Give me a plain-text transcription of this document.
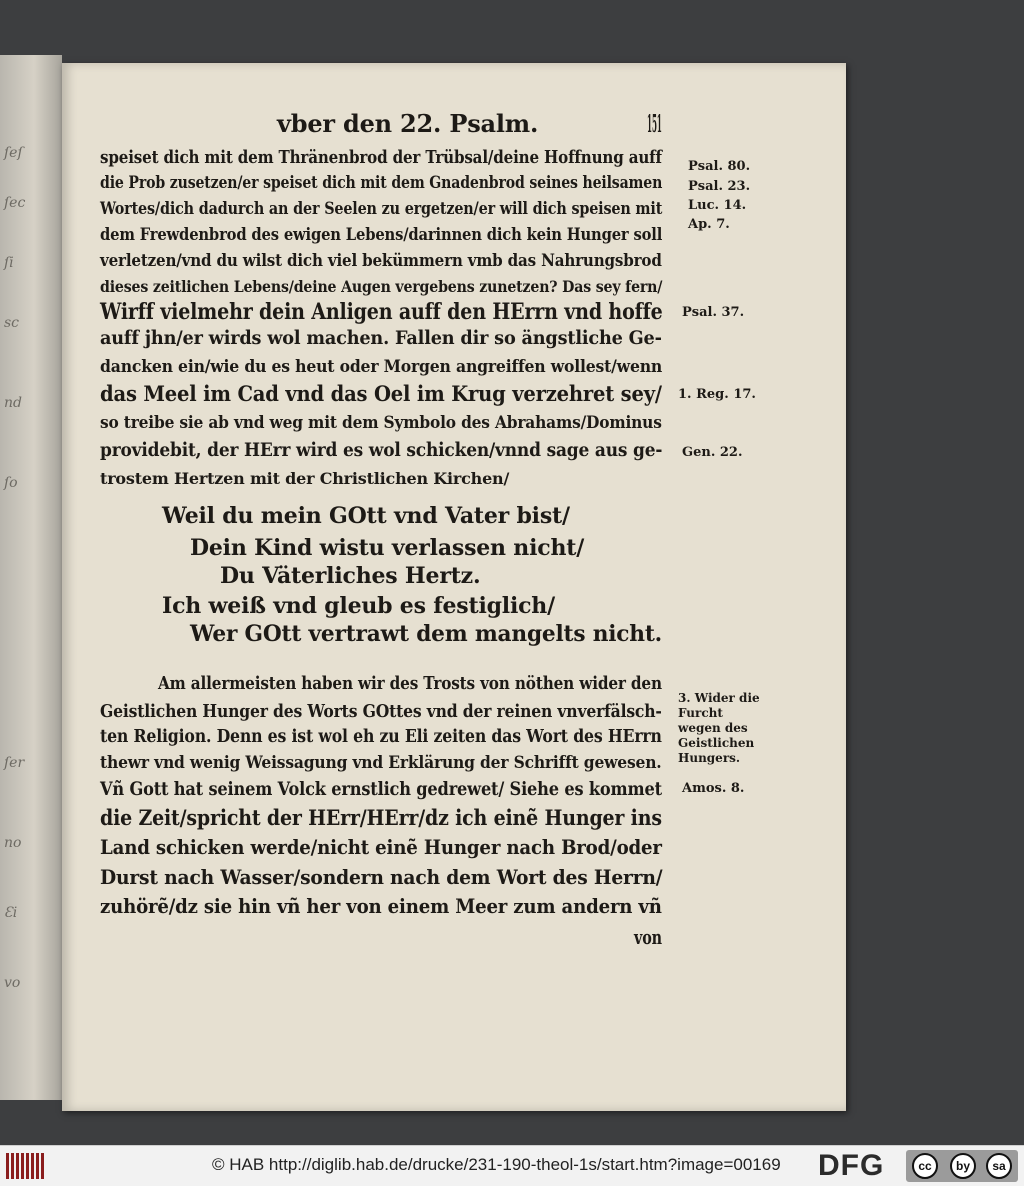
ſeſ
ſec
ſi
sc
nd
ſo
ſer
no
Ɛi
vo
vber den 22. Psalm.	151
speiset dich mit dem Thränenbrod der Trübsal/deine Hoffnung auff
die Prob zusetzen/er speiset dich mit dem Gnadenbrod seines heilsamen
Wortes/dich dadurch an der Seelen zu ergetzen/er will dich speisen mit
dem Frewdenbrod des ewigen Lebens/darinnen dich kein Hunger soll
verletzen/vnd du wilst dich viel bekümmern vmb das Nahrungsbrod
dieses zeitlichen Lebens/deine Augen vergebens zunetzen? Das sey fern/
Wirff vielmehr dein Anligen auff den HErrn vnd hoffe
auff jhn/er wirds wol machen. Fallen dir so ängstliche Ge-
dancken ein/wie du es heut oder Morgen angreiffen wollest/wenn
das Meel im Cad vnd das Oel im Krug verzehret sey/
so treibe sie ab vnd weg mit dem Symbolo des Abrahams/Dominus
providebit, der HErr wird es wol schicken/vnnd sage aus ge-
trostem Hertzen mit der Christlichen Kirchen/
Weil du mein GOtt vnd Vater bist/
Dein Kind wistu verlassen nicht/
Du Väterliches Hertz.
Ich weiß vnd gleub es festiglich/
Wer GOtt vertrawt dem mangelts nicht.
Am allermeisten haben wir des Trosts von nöthen wider den
Geistlichen Hunger des Worts GOttes vnd der reinen vnverfälsch-
ten Religion. Denn es ist wol eh zu Eli zeiten das Wort des HErrn
thewr vnd wenig Weissagung vnd Erklärung der Schrifft gewesen.
Vñ Gott hat seinem Volck ernstlich gedrewet/ Siehe es kommet
die Zeit/spricht der HErr/HErr/dz ich einẽ Hunger ins
Land schicken werde/nicht einẽ Hunger nach Brod/oder
Durst nach Wasser/sondern nach dem Wort des Herrn/
zuhörẽ/dz sie hin vñ her von einem Meer zum andern vñ
von
Psal. 80.
Psal. 23.
Luc. 14.
Ap. 7.
Psal. 37.
1. Reg. 17.
Gen. 22.
3. Wider die Furcht wegen des Geistlichen Hungers.
Amos. 8.
© HAB http://diglib.hab.de/drucke/231-190-theol-1s/start.htm?image=00169 DFG	cc	by	sa
